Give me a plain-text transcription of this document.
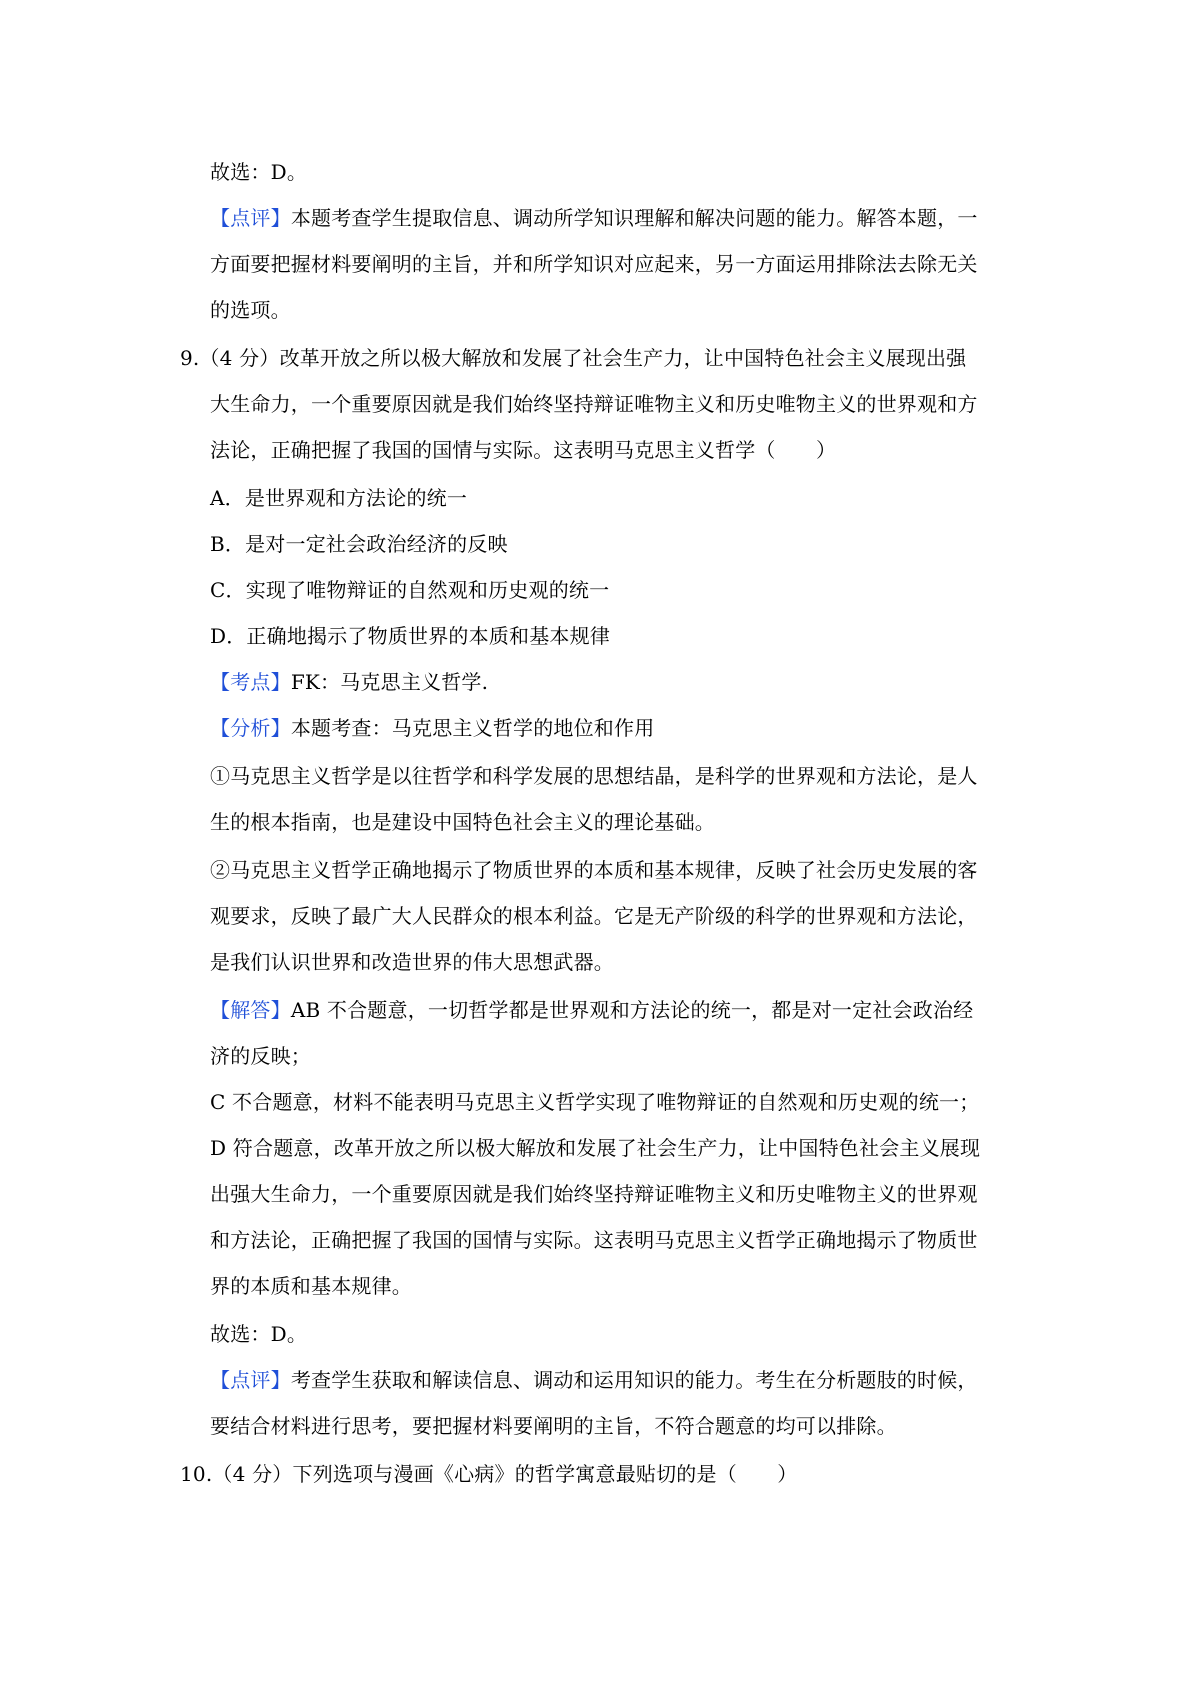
故选：D。
【点评】本题考查学生提取信息、调动所学知识理解和解决问题的能力。解答本题，一
方面要把握材料要阐明的主旨，并和所学知识对应起来，另一方面运用排除法去除无关
的选项。
9.（4 分）改革开放之所以极大解放和发展了社会生产力，让中国特色社会主义展现出强
大生命力，一个重要原因就是我们始终坚持辩证唯物主义和历史唯物主义的世界观和方
法论，正确把握了我国的国情与实际。这表明马克思主义哲学（　　）
A．是世界观和方法论的统一
B．是对一定社会政治经济的反映
C．实现了唯物辩证的自然观和历史观的统一
D．正确地揭示了物质世界的本质和基本规律
【考点】FK：马克思主义哲学.
【分析】本题考查：马克思主义哲学的地位和作用
①马克思主义哲学是以往哲学和科学发展的思想结晶，是科学的世界观和方法论，是人
生的根本指南，也是建设中国特色社会主义的理论基础。
②马克思主义哲学正确地揭示了物质世界的本质和基本规律，反映了社会历史发展的客
观要求，反映了最广大人民群众的根本利益。它是无产阶级的科学的世界观和方法论，
是我们认识世界和改造世界的伟大思想武器。
【解答】AB 不合题意，一切哲学都是世界观和方法论的统一，都是对一定社会政治经
济的反映；
C 不合题意，材料不能表明马克思主义哲学实现了唯物辩证的自然观和历史观的统一；
D 符合题意，改革开放之所以极大解放和发展了社会生产力，让中国特色社会主义展现
出强大生命力，一个重要原因就是我们始终坚持辩证唯物主义和历史唯物主义的世界观
和方法论，正确把握了我国的国情与实际。这表明马克思主义哲学正确地揭示了物质世
界的本质和基本规律。
故选：D。
【点评】考查学生获取和解读信息、调动和运用知识的能力。考生在分析题肢的时候，
要结合材料进行思考，要把握材料要阐明的主旨，不符合题意的均可以排除。
10.（4 分）下列选项与漫画《心病》的哲学寓意最贴切的是（　　）
